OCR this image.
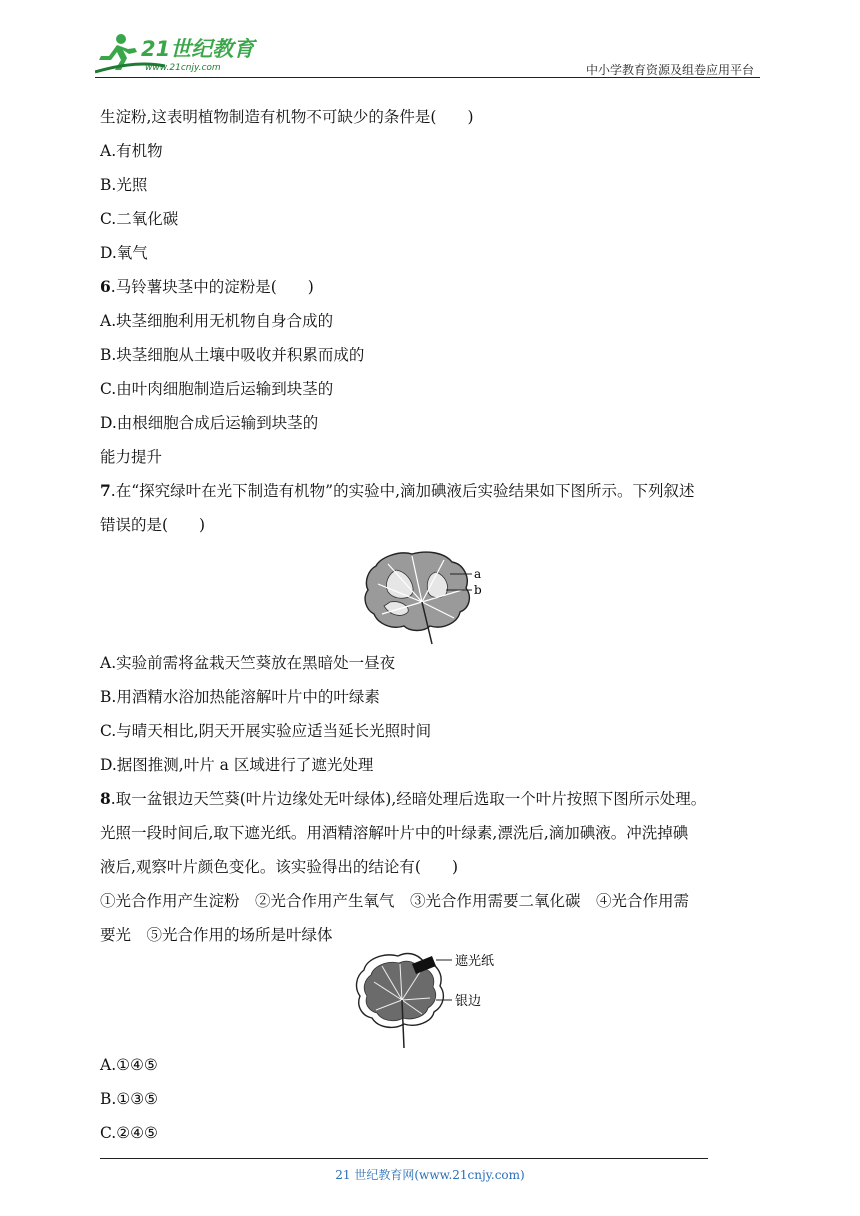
21世纪教育
www.21cnjy.com	中小学教育资源及组卷应用平台
生淀粉,这表明植物制造有机物不可缺少的条件是(　　)
A.有机物
B.光照
C.二氧化碳
D.氧气
6.马铃薯块茎中的淀粉是(　　)
A.块茎细胞利用无机物自身合成的
B.块茎细胞从土壤中吸收并积累而成的
C.由叶肉细胞制造后运输到块茎的
D.由根细胞合成后运输到块茎的
能力提升
7.在“探究绿叶在光下制造有机物”的实验中,滴加碘液后实验结果如下图所示。下列叙述
错误的是(　　)
a
b
A.实验前需将盆栽天竺葵放在黑暗处一昼夜
B.用酒精水浴加热能溶解叶片中的叶绿素
C.与晴天相比,阴天开展实验应适当延长光照时间
D.据图推测,叶片 a 区域进行了遮光处理
8.取一盆银边天竺葵(叶片边缘处无叶绿体),经暗处理后选取一个叶片按照下图所示处理。
光照一段时间后,取下遮光纸。用酒精溶解叶片中的叶绿素,漂洗后,滴加碘液。冲洗掉碘
液后,观察叶片颜色变化。该实验得出的结论有(　　)
①光合作用产生淀粉　②光合作用产生氧气　③光合作用需要二氧化碳　④光合作用需
要光　⑤光合作用的场所是叶绿体
遮光纸
银边
A.①④⑤
B.①③⑤
C.②④⑤
21 世纪教育网(www.21cnjy.com)
